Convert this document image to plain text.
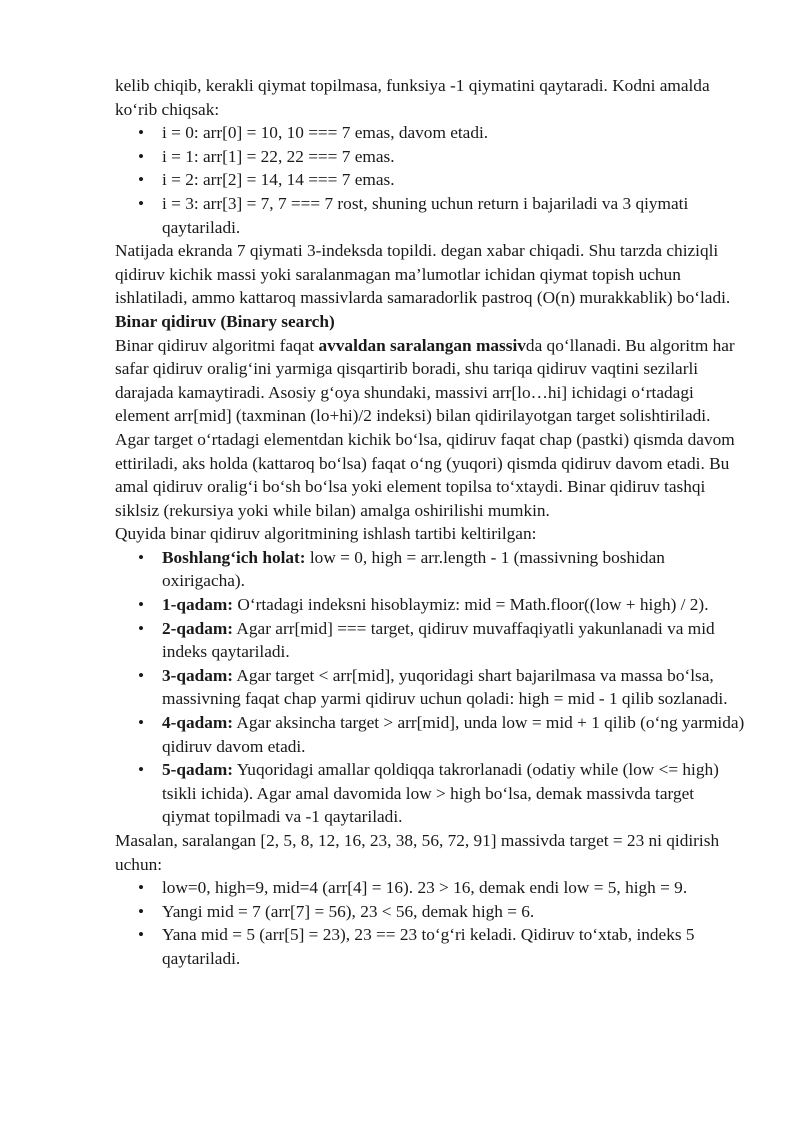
kelib chiqib, kerakli qiymat topilmasa, funksiya -1 qiymatini qaytaradi. Kodni amalda ko‘rib chiqsak:

• i = 0: arr[0] = 10, 10 === 7 emas, davom etadi.
• i = 1: arr[1] = 22, 22 === 7 emas.
• i = 2: arr[2] = 14, 14 === 7 emas.
• i = 3: arr[3] = 7, 7 === 7 rost, shuning uchun return i bajariladi va 3 qiymati qaytariladi.

Natijada ekranda 7 qiymati 3-indeksda topildi. degan xabar chiqadi. Shu tarzda chiziqli qidiruv kichik massi yoki saralanmagan ma’lumotlar ichidan qiymat topish uchun ishlatiladi, ammo kattaroq massivlarda samaradorlik pastroq (O(n) murakkablik) bo‘ladi.

Binar qidiruv (Binary search)

Binar qidiruv algoritmi faqat avvaldan saralangan massivda qo‘llanadi. Bu algoritm har safar qidiruv oralig‘ini yarmiga qisqartirib boradi, shu tariqa qidiruv vaqtini sezilarli darajada kamaytiradi. Asosiy g‘oya shundaki, massivi arr[lo…hi] ichidagi o‘rtadagi element arr[mid] (taxminan (lo+hi)/2 indeksi) bilan qidirilayotgan target solishtiriladi. Agar target o‘rtadagi elementdan kichik bo‘lsa, qidiruv faqat chap (pastki) qismda davom ettiriladi, aks holda (kattaroq bo‘lsa) faqat o‘ng (yuqori) qismda qidiruv davom etadi. Bu amal qidiruv oralig‘i bo‘sh bo‘lsa yoki element topilsa to‘xtaydi. Binar qidiruv tashqi siklsiz (rekursiya yoki while bilan) amalga oshirilishi mumkin.

Quyida binar qidiruv algoritmining ishlash tartibi keltirilgan:

• Boshlang‘ich holat: low = 0, high = arr.length - 1 (massivning boshidan oxirigacha).
• 1-qadam: O‘rtadagi indeksni hisoblaymiz: mid = Math.floor((low + high) / 2).
• 2-qadam: Agar arr[mid] === target, qidiruv muvaffaqiyatli yakunlanadi va mid indeks qaytariladi.
• 3-qadam: Agar target < arr[mid], yuqoridagi shart bajarilmasa va massa bo‘lsa, massivning faqat chap yarmi qidiruv uchun qoladi: high = mid - 1 qilib sozlanadi.
• 4-qadam: Agar aksincha target > arr[mid], unda low = mid + 1 qilib (o‘ng yarmida) qidiruv davom etadi.
• 5-qadam: Yuqoridagi amallar qoldiqqa takrorlanadi (odatiy while (low <= high) tsikli ichida). Agar amal davomida low > high bo‘lsa, demak massivda target qiymat topilmadi va -1 qaytariladi.

Masalan, saralangan [2, 5, 8, 12, 16, 23, 38, 56, 72, 91] massivda target = 23 ni qidirish uchun:

• low=0, high=9, mid=4 (arr[4] = 16). 23 > 16, demak endi low = 5, high = 9.
• Yangi mid = 7 (arr[7] = 56), 23 < 56, demak high = 6.
• Yana mid = 5 (arr[5] = 23), 23 == 23 to‘g‘ri keladi. Qidiruv to‘xtab, indeks 5 qaytariladi.
